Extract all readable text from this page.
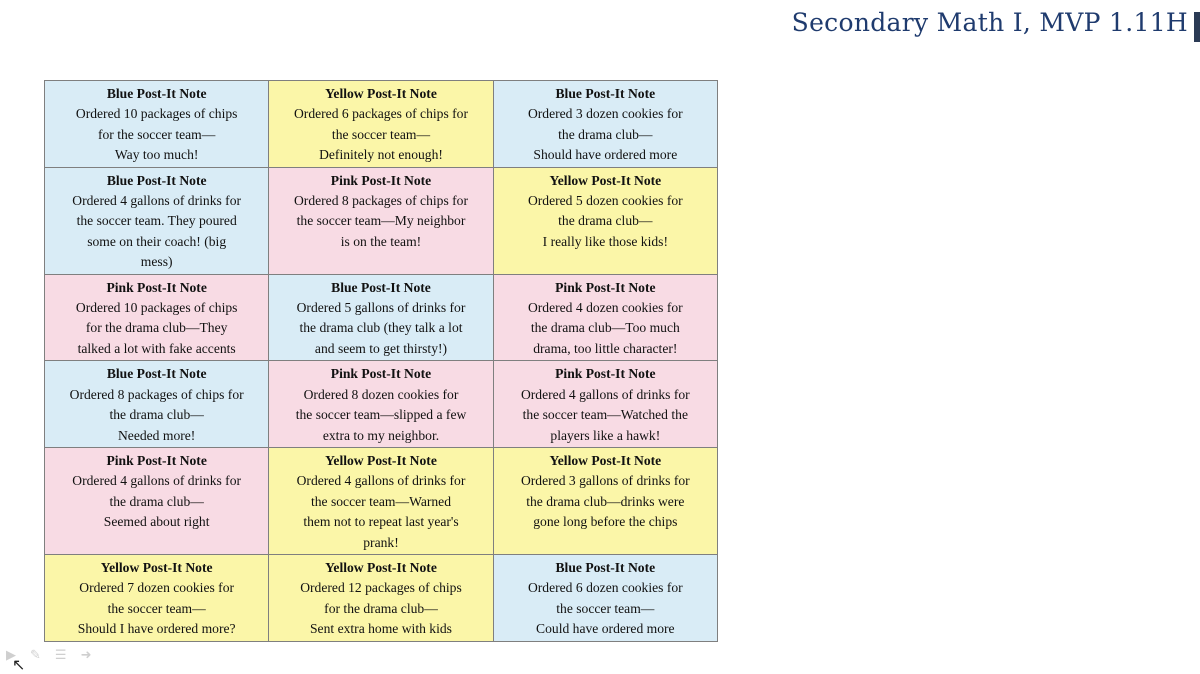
Secondary Math I, MVP 1.11H
Blue Post-It Note
Ordered 10 packages of chips
for the soccer team—
Way too much!	Yellow Post-It Note
Ordered 6 packages of chips for
the soccer team—
Definitely not enough!	Blue Post-It Note
Ordered 3 dozen cookies for
the drama club—
Should have ordered more

Blue Post-It Note
Ordered 4 gallons of drinks for
the soccer team. They poured
some on their coach! (big
mess)	Pink Post-It Note
Ordered 8 packages of chips for
the soccer team—My neighbor
is on the team!	Yellow Post-It Note
Ordered 5 dozen cookies for
the drama club—
I really like those kids!

Pink Post-It Note
Ordered 10 packages of chips
for the drama club—They
talked a lot with fake accents	Blue Post-It Note
Ordered 5 gallons of drinks for
the drama club (they talk a lot
and seem to get thirsty!)	Pink Post-It Note
Ordered 4 dozen cookies for
the drama club—Too much
drama, too little character!

Blue Post-It Note
Ordered 8 packages of chips for
the drama club—
Needed more!	Pink Post-It Note
Ordered 8 dozen cookies for
the soccer team—slipped a few
extra to my neighbor.	Pink Post-It Note
Ordered 4 gallons of drinks for
the soccer team—Watched the
players like a hawk!

Pink Post-It Note
Ordered 4 gallons of drinks for
the drama club—
Seemed about right	Yellow Post-It Note
Ordered 4 gallons of drinks for
the soccer team—Warned
them not to repeat last year's
prank!	Yellow Post-It Note
Ordered 3 gallons of drinks for
the drama club—drinks were
gone long before the chips

Yellow Post-It Note
Ordered 7 dozen cookies for
the soccer team—
Should I have ordered more?	Yellow Post-It Note
Ordered 12 packages of chips
for the drama club—
Sent extra home with kids	Blue Post-It Note
Ordered 6 dozen cookies for
the soccer team—
Could have ordered more
▶ ✎ ☰ ➜
↖
